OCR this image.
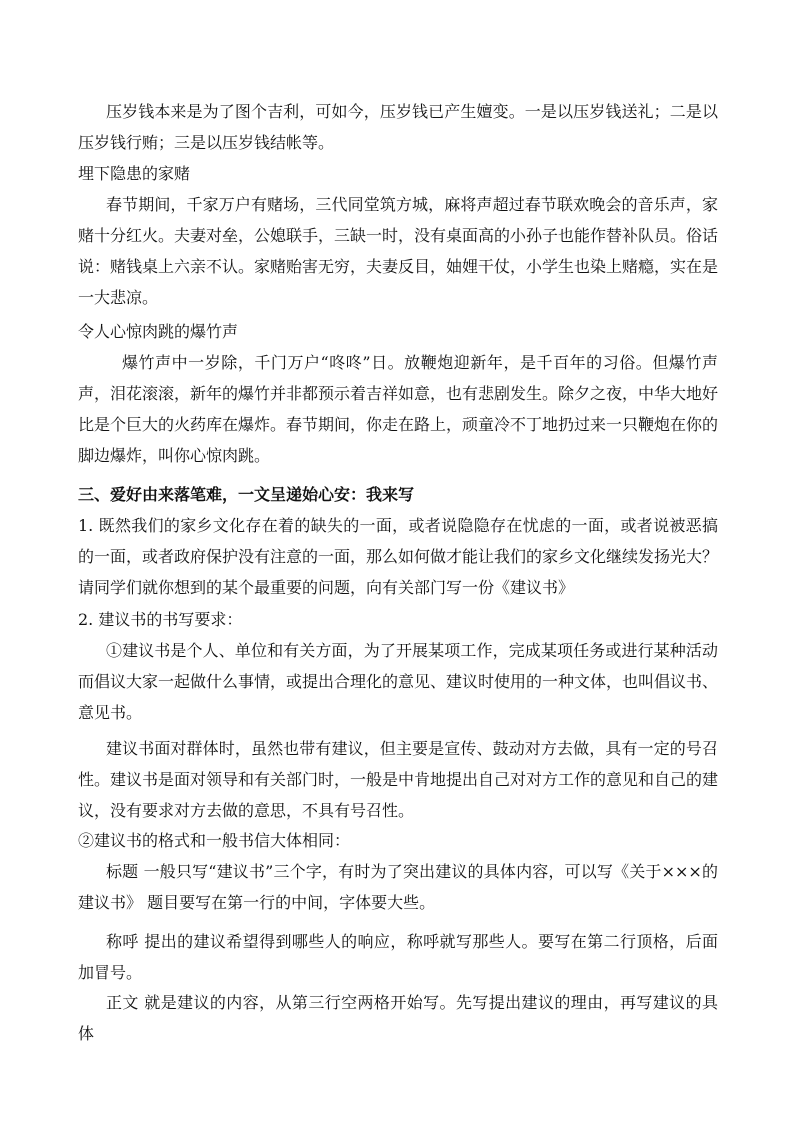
压岁钱本来是为了图个吉利，可如今，压岁钱已产生嬗变。一是以压岁钱送礼；二是以压岁钱行贿；三是以压岁钱结帐等。

埋下隐患的家赌

春节期间，千家万户有赌场，三代同堂筑方城，麻将声超过春节联欢晚会的音乐声，家赌十分红火。夫妻对垒，公媳联手，三缺一时，没有桌面高的小孙子也能作替补队员。俗话说：赌钱桌上六亲不认。家赌贻害无穷，夫妻反目，妯娌干仗，小学生也染上赌瘾，实在是一大悲凉。

令人心惊肉跳的爆竹声

爆竹声中一岁除，千门万户“咚咚”日。放鞭炮迎新年，是千百年的习俗。但爆竹声声，泪花滚滚，新年的爆竹并非都预示着吉祥如意，也有悲剧发生。除夕之夜，中华大地好比是个巨大的火药库在爆炸。春节期间，你走在路上，顽童冷不丁地扔过来一只鞭炮在你的脚边爆炸，叫你心惊肉跳。

三、爱好由来落笔难，一文呈递始心安：我来写

1. 既然我们的家乡文化存在着的缺失的一面，或者说隐隐存在忧虑的一面，或者说被恶搞的一面，或者政府保护没有注意的一面，那么如何做才能让我们的家乡文化继续发扬光大？请同学们就你想到的某个最重要的问题，向有关部门写一份《建议书》

2. 建议书的书写要求：

①建议书是个人、单位和有关方面，为了开展某项工作，完成某项任务或进行某种活动而倡议大家一起做什么事情，或提出合理化的意见、建议时使用的一种文体，也叫倡议书、意见书。

建议书面对群体时，虽然也带有建议，但主要是宣传、鼓动对方去做，具有一定的号召性。建议书是面对领导和有关部门时，一般是中肯地提出自己对对方工作的意见和自己的建议，没有要求对方去做的意思，不具有号召性。

②建议书的格式和一般书信大体相同：

标题 一般只写“建议书”三个字，有时为了突出建议的具体内容，可以写《关于×××的建议书》 题目要写在第一行的中间，字体要大些。

称呼 提出的建议希望得到哪些人的响应，称呼就写那些人。要写在第二行顶格，后面加冒号。

正文 就是建议的内容，从第三行空两格开始写。先写提出建议的理由，再写建议的具体
